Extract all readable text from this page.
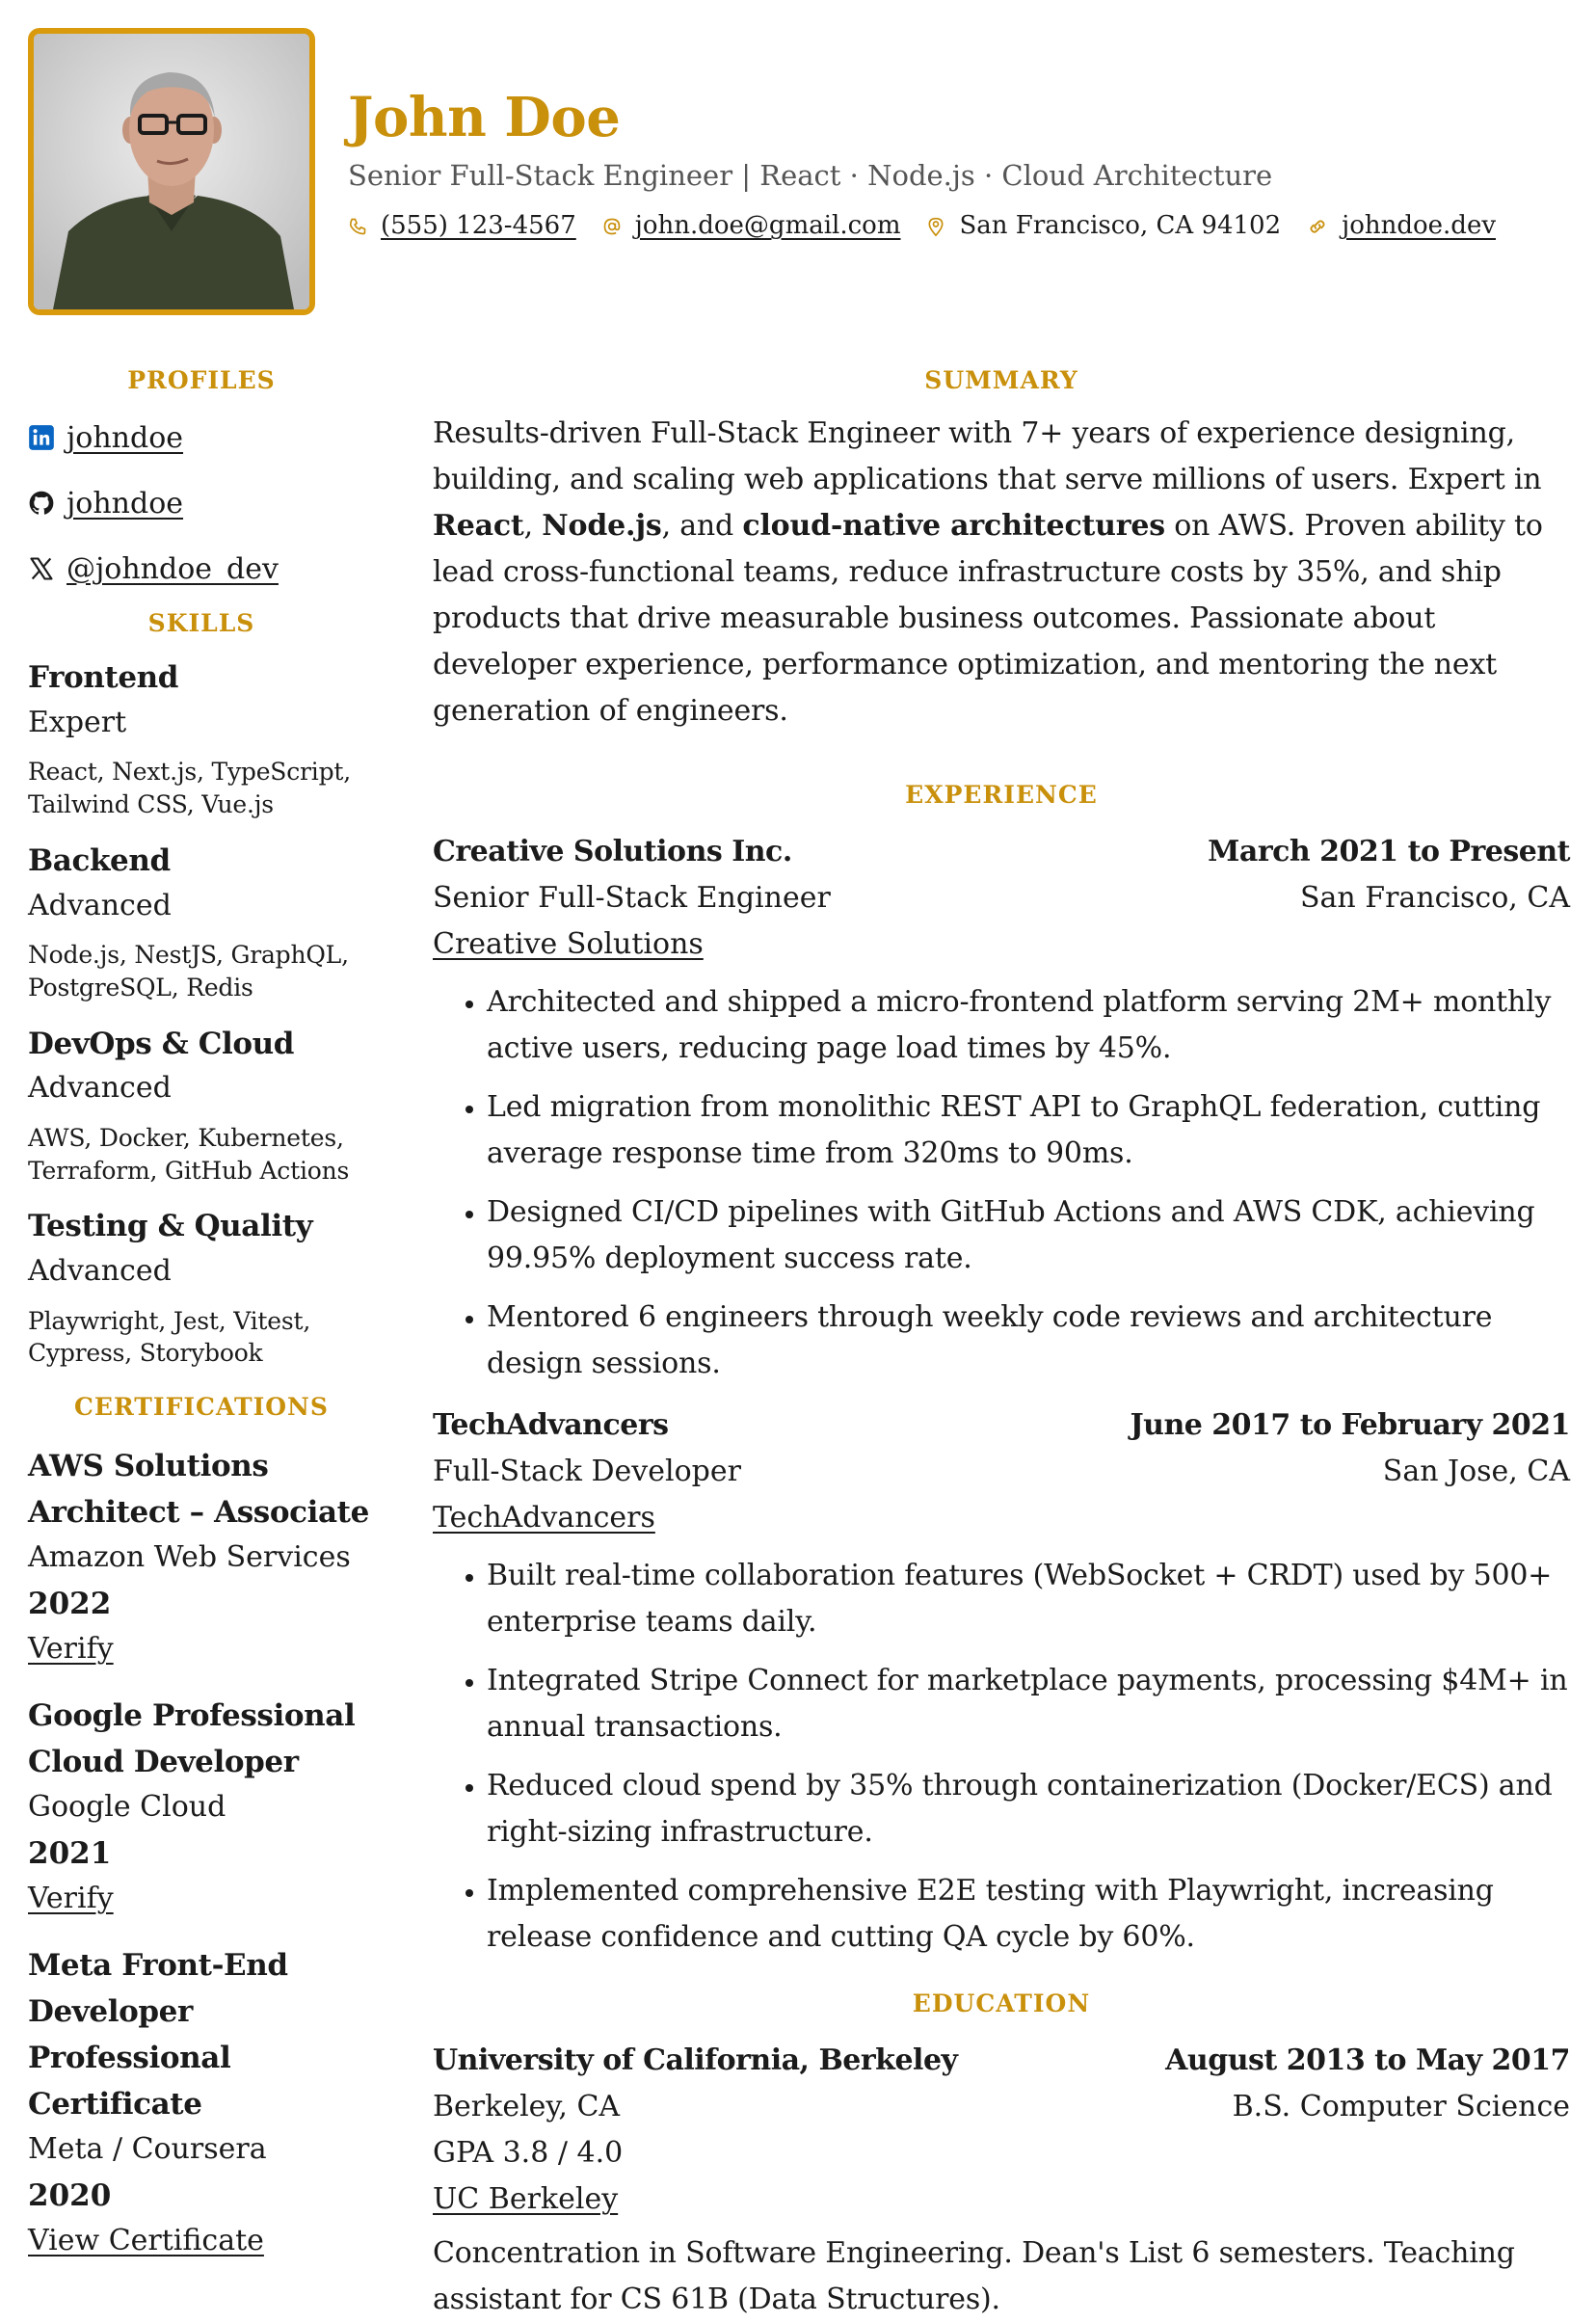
John Doe
Senior Full-Stack Engineer | React · Node.js · Cloud Architecture
(555) 123-4567 john.doe@gmail.com San Francisco, CA 94102 johndoe.dev
PROFILES
johndoe
johndoe
@johndoe_dev
SKILLS
Frontend
Expert
React, Next.js, TypeScript, Tailwind CSS, Vue.js
Backend
Advanced
Node.js, NestJS, GraphQL, PostgreSQL, Redis
DevOps & Cloud
Advanced
AWS, Docker, Kubernetes, Terraform, GitHub Actions
Testing & Quality
Advanced
Playwright, Jest, Vitest, Cypress, Storybook
CERTIFICATIONS
AWS Solutions Architect – Associate
Amazon Web Services
2022
Verify
Google Professional Cloud Developer
Google Cloud
2021
Verify
Meta Front-End Developer Professional Certificate
Meta / Coursera
2020
View Certificate
SUMMARY
Results-driven Full-Stack Engineer with 7+ years of experience designing, building, and scaling web applications that serve millions of users. Expert in React, Node.js, and cloud-native architectures on AWS. Proven ability to lead cross-functional teams, reduce infrastructure costs by 35%, and ship products that drive measurable business outcomes. Passionate about developer experience, performance optimization, and mentoring the next generation of engineers.
EXPERIENCE
Creative Solutions Inc.	March 2021 to Present
Senior Full-Stack Engineer	San Francisco, CA
Creative Solutions
• Architected and shipped a micro-frontend platform serving 2M+ monthly active users, reducing page load times by 45%.
• Led migration from monolithic REST API to GraphQL federation, cutting average response time from 320ms to 90ms.
• Designed CI/CD pipelines with GitHub Actions and AWS CDK, achieving 99.95% deployment success rate.
• Mentored 6 engineers through weekly code reviews and architecture design sessions.
TechAdvancers	June 2017 to February 2021
Full-Stack Developer	San Jose, CA
TechAdvancers
• Built real-time collaboration features (WebSocket + CRDT) used by 500+ enterprise teams daily.
• Integrated Stripe Connect for marketplace payments, processing $4M+ in annual transactions.
• Reduced cloud spend by 35% through containerization (Docker/ECS) and right-sizing infrastructure.
• Implemented comprehensive E2E testing with Playwright, increasing release confidence and cutting QA cycle by 60%.
EDUCATION
University of California, Berkeley	August 2013 to May 2017
Berkeley, CA	B.S. Computer Science
GPA 3.8 / 4.0
UC Berkeley
Concentration in Software Engineering. Dean's List 6 semesters. Teaching assistant for CS 61B (Data Structures).
